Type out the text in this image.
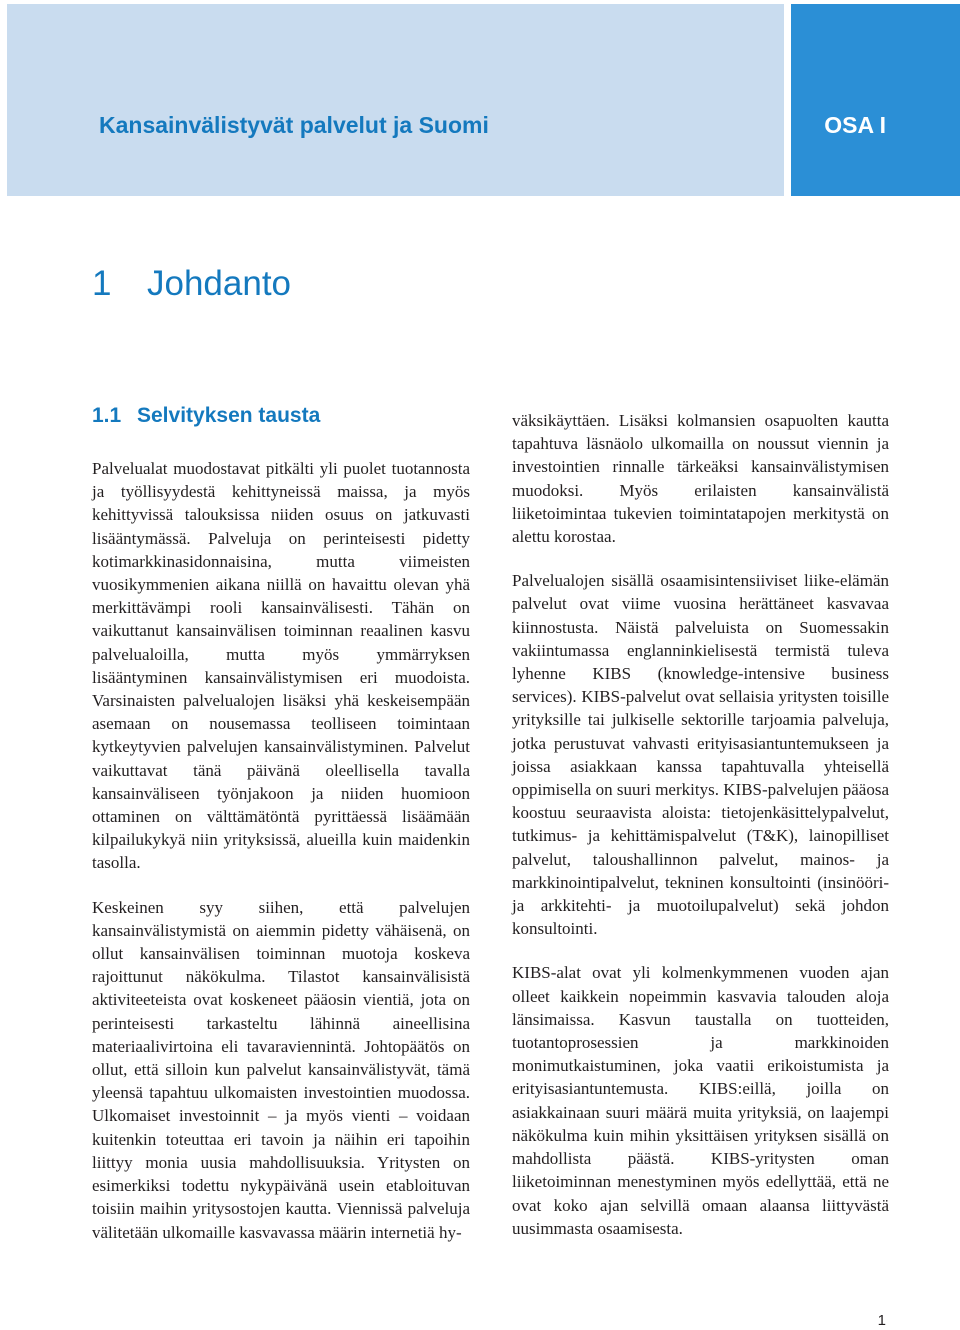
Kansainvälistyvät palvelut ja Suomi	OSA I
1 Johdanto
1.1 Selvityksen tausta

Palvelualat muodostavat pitkälti yli puolet tuotannosta ja työllisyydestä kehittyneissä maissa, ja myös kehittyvissä talouksissa niiden osuus on jatkuvasti lisääntymässä. Palveluja on perinteisesti pidetty kotimarkkinasidonnaisina, mutta viimeisten vuosikymmenien aikana niillä on havaittu olevan yhä merkittävämpi rooli kansainvälisesti. Tähän on vaikuttanut kansainvälisen toiminnan reaalinen kasvu palvelualoilla, mutta myös ymmärryksen lisääntyminen kansainvälistymisen eri muodoista. Varsinaisten palvelualojen lisäksi yhä keskeisempään asemaan on nousemassa teolliseen toimintaan kytkeytyvien palvelujen kansainvälistyminen. Palvelut vaikuttavat tänä päivänä oleellisella tavalla kansainväliseen työnjakoon ja niiden huomioon ottaminen on välttämätöntä pyrittäessä lisäämään kilpailukykyä niin yrityksissä, alueilla kuin maidenkin tasolla.

Keskeinen syy siihen, että palvelujen kansainvälistymistä on aiemmin pidetty vähäisenä, on ollut kansainvälisen toiminnan muotoja koskeva rajoittunut näkökulma. Tilastot kansainvälisistä aktiviteeteista ovat koskeneet pääosin vientiä, jota on perinteisesti tarkasteltu lähinnä aineellisina materiaalivirtoina eli tavaraviennintä. Johtopäätös on ollut, että silloin kun palvelut kansainvälistyvät, tämä yleensä tapahtuu ulkomaisten investointien muodossa. Ulkomaiset investoinnit – ja myös vienti – voidaan kuitenkin toteuttaa eri tavoin ja näihin eri tapoihin liittyy monia uusia mahdollisuuksia. Yritysten on esimerkiksi todettu nykypäivänä usein etabloituvan toisiin maihin yritysostojen kautta. Viennissä palveluja välitetään ulkomaille kasvavassa määrin internetiä hy-

väksikäyttäen. Lisäksi kolmansien osapuolten kautta tapahtuva läsnäolo ulkomailla on noussut viennin ja investointien rinnalle tärkeäksi kansainvälistymisen muodoksi. Myös erilaisten kansainvälistä liiketoimintaa tukevien toimintatapojen merkitystä on alettu korostaa.

Palvelualojen sisällä osaamisintensiiviset liike-elämän palvelut ovat viime vuosina herättäneet kasvavaa kiinnostusta. Näistä palveluista on Suomessakin vakiintumassa englanninkielisestä termistä tuleva lyhenne KIBS (knowledge-intensive business services). KIBS-palvelut ovat sellaisia yritysten toisille yrityksille tai julkiselle sektorille tarjoamia palveluja, jotka perustuvat vahvasti erityisasiantuntemukseen ja joissa asiakkaan kanssa tapahtuvalla yhteisellä oppimisella on suuri merkitys. KIBS-palvelujen pääosa koostuu seuraavista aloista: tietojenkäsittelypalvelut, tutkimus- ja kehittämispalvelut (T&K), lainopilliset palvelut, taloushallinnon palvelut, mainos- ja markkinointipalvelut, tekninen konsultointi (insinööri- ja arkkitehti- ja muotoilupalvelut) sekä johdon konsultointi.

KIBS-alat ovat yli kolmenkymmenen vuoden ajan olleet kaikkein nopeimmin kasvavia talouden aloja länsimaissa. Kasvun taustalla on tuotteiden, tuotantoprosessien ja markkinoiden monimutkaistuminen, joka vaatii erikoistumista ja erityisasiantuntemusta. KIBS:eillä, joilla on asiakkainaan suuri määrä muita yrityksiä, on laajempi näkökulma kuin mihin yksittäisen yrityksen sisällä on mahdollista päästä. KIBS-yritysten oman liiketoiminnan menestyminen myös edellyttää, että ne ovat koko ajan selvillä omaan alaansa liittyvästä uusimmasta osaamisesta.

1
